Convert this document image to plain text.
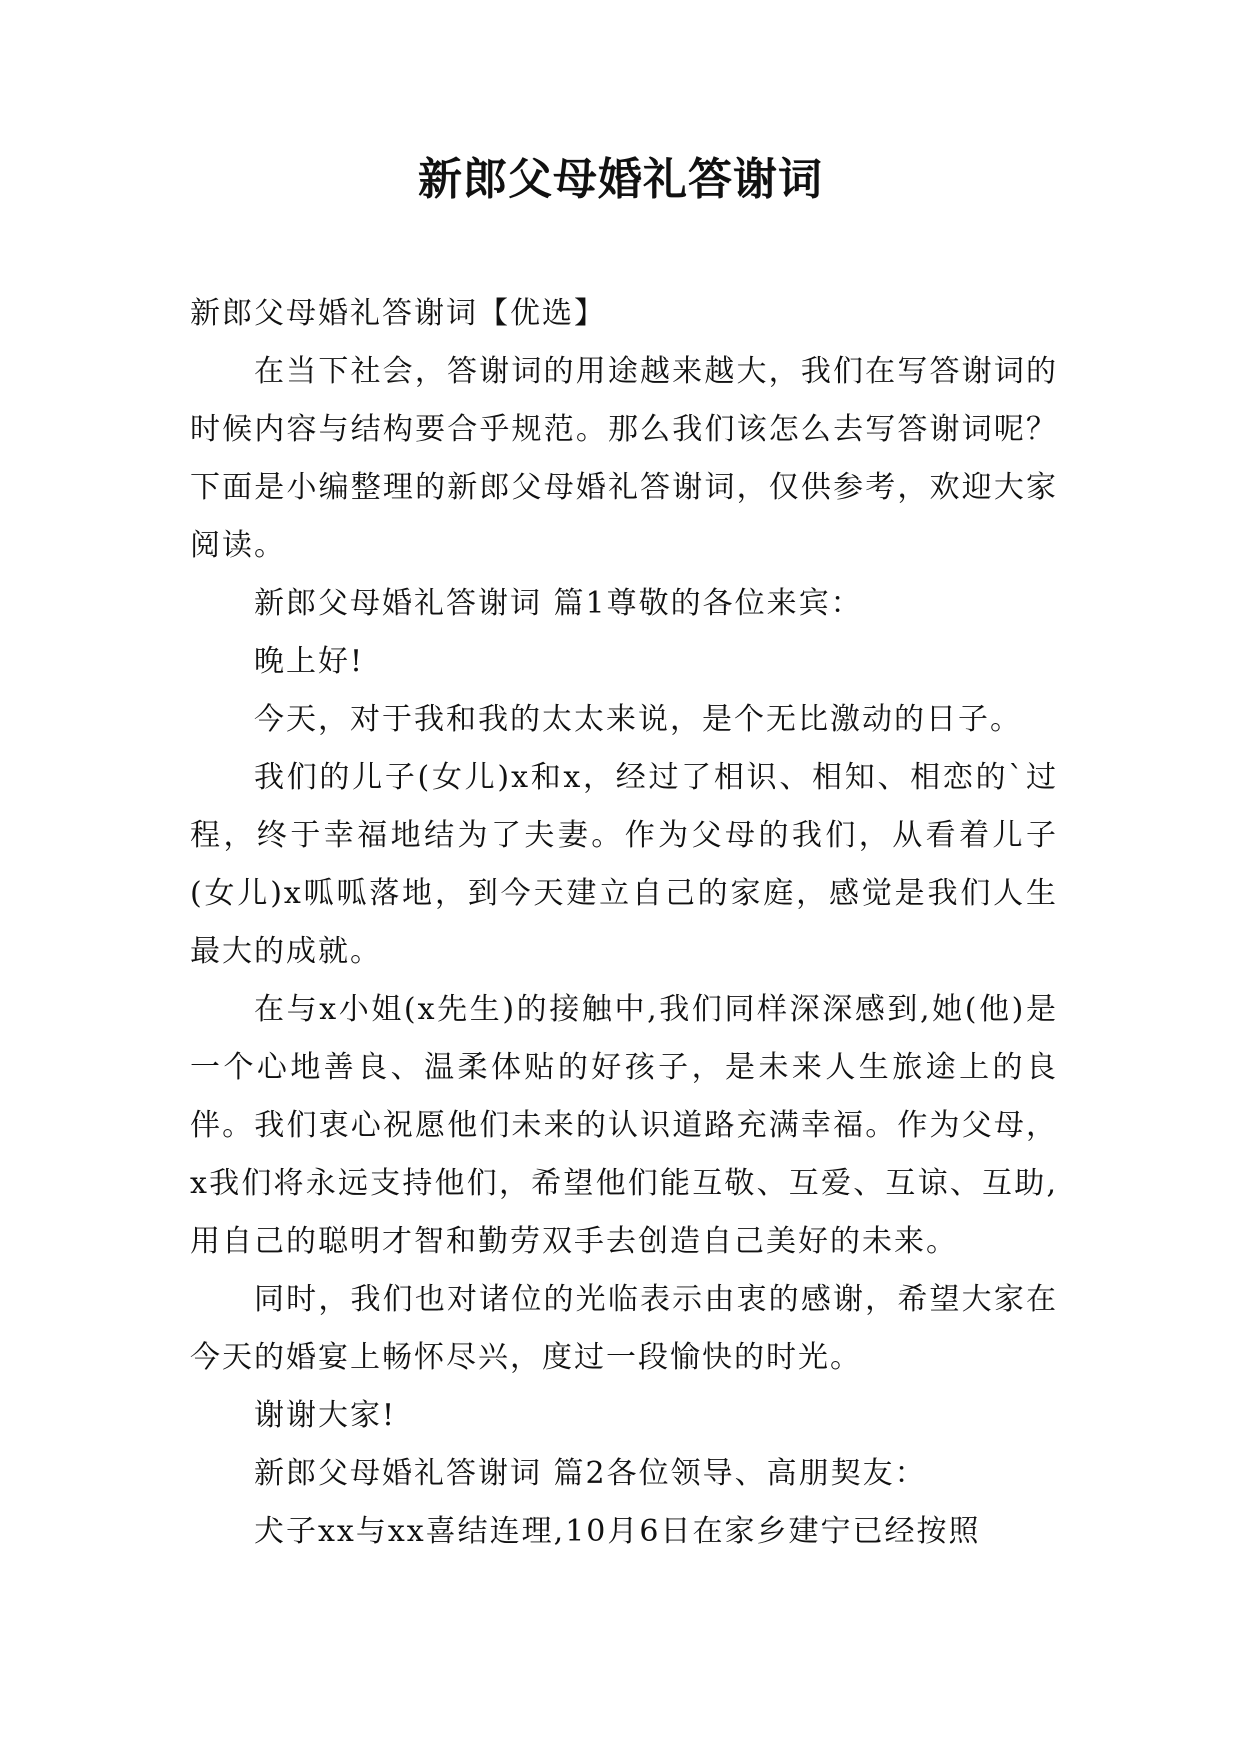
新郎父母婚礼答谢词

新郎父母婚礼答谢词【优选】

在当下社会，答谢词的用途越来越大，我们在写答谢词的时候内容与结构要合乎规范。那么我们该怎么去写答谢词呢？下面是小编整理的新郎父母婚礼答谢词，仅供参考，欢迎大家阅读。

新郎父母婚礼答谢词 篇1尊敬的各位来宾：

晚上好!

今天，对于我和我的太太来说，是个无比激动的日子。

我们的儿子(女儿)x和x，经过了相识、相知、相恋的`过程，终于幸福地结为了夫妻。作为父母的我们，从看着儿子(女儿)x呱呱落地，到今天建立自己的家庭，感觉是我们人生最大的成就。

在与x小姐(x先生)的接触中,我们同样深深感到,她(他)是一个心地善良、温柔体贴的好孩子，是未来人生旅途上的良伴。我们衷心祝愿他们未来的认识道路充满幸福。作为父母，x我们将永远支持他们，希望他们能互敬、互爱、互谅、互助,用自己的聪明才智和勤劳双手去创造自己美好的未来。

同时，我们也对诸位的光临表示由衷的感谢，希望大家在今天的婚宴上畅怀尽兴，度过一段愉快的时光。

谢谢大家!

新郎父母婚礼答谢词 篇2各位领导、高朋契友：

犬子xx与xx喜结连理,10月6日在家乡建宁已经按照
